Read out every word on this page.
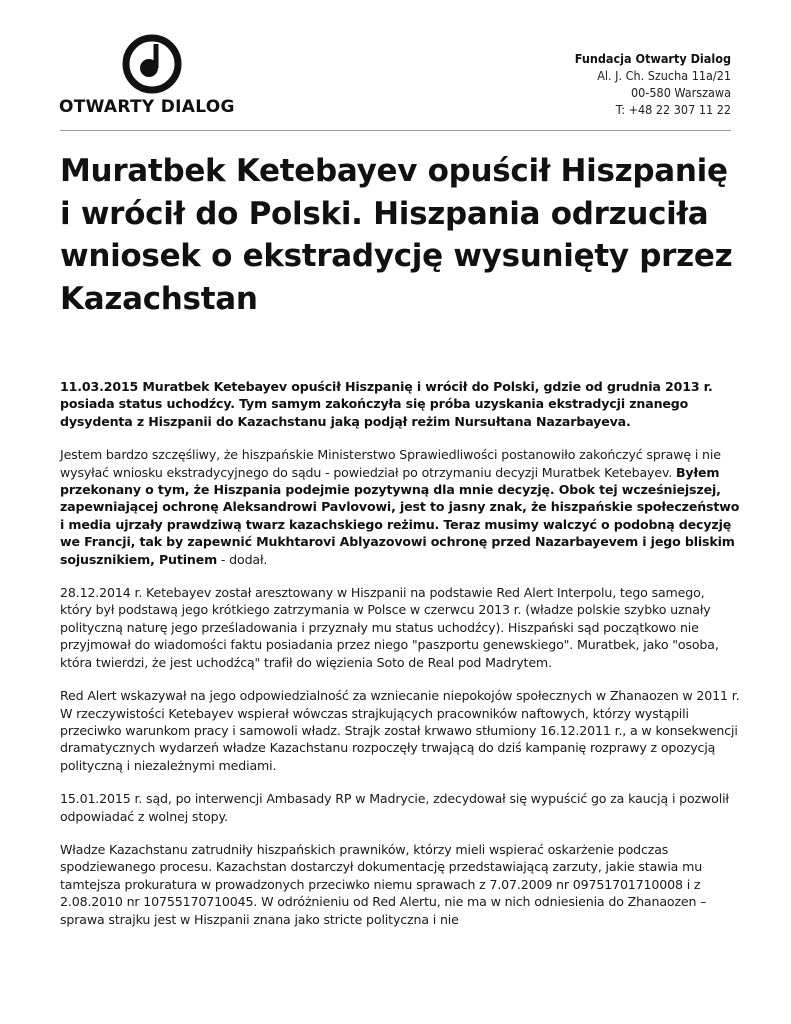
OTWARTY DIALOG
Fundacja Otwarty Dialog
Al. J. Ch. Szucha 11a/21
00-580 Warszawa
T: +48 22 307 11 22
Muratbek Ketebayev opuścił Hiszpanię i wrócił do Polski. Hiszpania odrzuciła wniosek o ekstradycję wysunięty przez Kazachstan

11.03.2015 Muratbek Ketebayev opuścił Hiszpanię i wrócił do Polski, gdzie od grudnia 2013 r. posiada status uchodźcy. Tym samym zakończyła się próba uzyskania ekstradycji znanego dysydenta z Hiszpanii do Kazachstanu jaką podjął reżim Nursułtana Nazarbayeva.

Jestem bardzo szczęśliwy, że hiszpańskie Ministerstwo Sprawiedliwości postanowiło zakończyć sprawę i nie wysyłać wniosku ekstradycyjnego do sądu - powiedział po otrzymaniu decyzji Muratbek Ketebayev. Byłem przekonany o tym, że Hiszpania podejmie pozytywną dla mnie decyzję. Obok tej wcześniejszej, zapewniającej ochronę Aleksandrowi Pavlovowi, jest to jasny znak, że hiszpańskie społeczeństwo i media ujrzały prawdziwą twarz kazachskiego reżimu. Teraz musimy walczyć o podobną decyzję we Francji, tak by zapewnić Mukhtarovi Ablyazovowi ochronę przed Nazarbayevem i jego bliskim sojusznikiem, Putinem - dodał.

28.12.2014 r. Ketebayev został aresztowany w Hiszpanii na podstawie Red Alert Interpolu, tego samego, który był podstawą jego krótkiego zatrzymania w Polsce w czerwcu 2013 r. (władze polskie szybko uznały polityczną naturę jego prześladowania i przyznały mu status uchodźcy). Hiszpański sąd początkowo nie przyjmował do wiadomości faktu posiadania przez niego "paszportu genewskiego". Muratbek, jako "osoba, która twierdzi, że jest uchodźcą" trafił do więzienia Soto de Real pod Madrytem.

Red Alert wskazywał na jego odpowiedzialność za wzniecanie niepokojów społecznych w Zhanaozen w 2011 r. W rzeczywistości Ketebayev wspierał wówczas strajkujących pracowników naftowych, którzy wystąpili przeciwko warunkom pracy i samowoli władz. Strajk został krwawo stłumiony 16.12.2011 r., a w konsekwencji dramatycznych wydarzeń władze Kazachstanu rozpoczęły trwającą do dziś kampanię rozprawy z opozycją polityczną i niezależnymi mediami.

15.01.2015 r. sąd, po interwencji Ambasady RP w Madrycie, zdecydował się wypuścić go za kaucją i pozwolił odpowiadać z wolnej stopy.

Władze Kazachstanu zatrudniły hiszpańskich prawników, którzy mieli wspierać oskarżenie podczas spodziewanego procesu. Kazachstan dostarczył dokumentację przedstawiającą zarzuty, jakie stawia mu tamtejsza prokuratura w prowadzonych przeciwko niemu sprawach z 7.07.2009 nr 09751701710008 i z 2.08.2010 nr 10755170710045. W odróżnieniu od Red Alertu, nie ma w nich odniesienia do Zhanaozen – sprawa strajku jest w Hiszpanii znana jako stricte polityczna i nie
